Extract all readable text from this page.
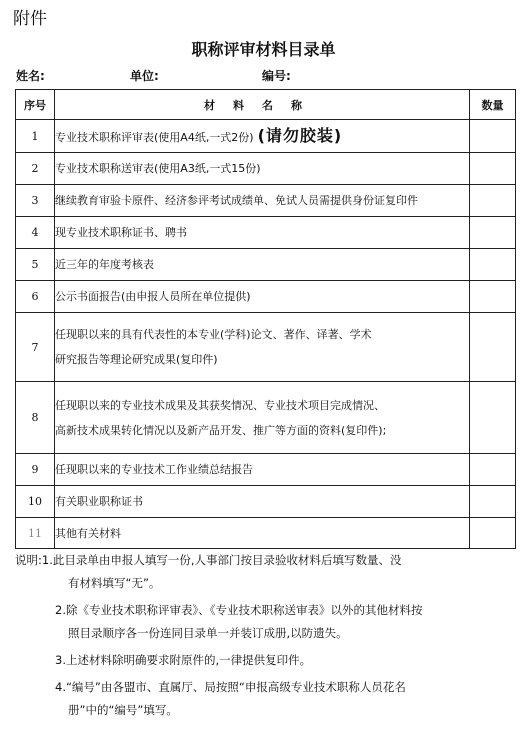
附件
职称评审材料目录单
姓名:	单位:	编号:
序号	材料名称	数量
1	专业技术职称评审表(使用A4纸,一式2份) (请勿胶装)	
2	专业技术职称送审表(使用A3纸,一式15份)	
3	继续教育审验卡原件、经济参评考试成绩单、免试人员需提供身份证复印件	
4	现专业技术职称证书、聘书	
5	近三年的年度考核表	
6	公示书面报告(由申报人员所在单位提供)	
7	任现职以来的具有代表性的本专业(学科)论文、著作、译著、学术
研究报告等理论研究成果(复印件)	

8	任现职以来的专业技术成果及其获奖情况、专业技术项目完成情况、
高新技术成果转化情况以及新产品开发、推广等方面的资料(复印件);	

9	任现职以来的专业技术工作业绩总结报告	
10	有关职业职称证书	
11	其他有关材料	
说明:1.此目录单由申报人填写一份,人事部门按目录验收材料后填写数量、没
有材料填写“无”。
2.除《专业技术职称评审表》、《专业技术职称送审表》以外的其他材料按
照目录顺序各一份连同目录单一并装订成册,以防遗失。
3.上述材料除明确要求附原件的,一律提供复印件。
4.“编号”由各盟市、直属厅、局按照“申报高级专业技术职称人员花名
册”中的“编号”填写。
